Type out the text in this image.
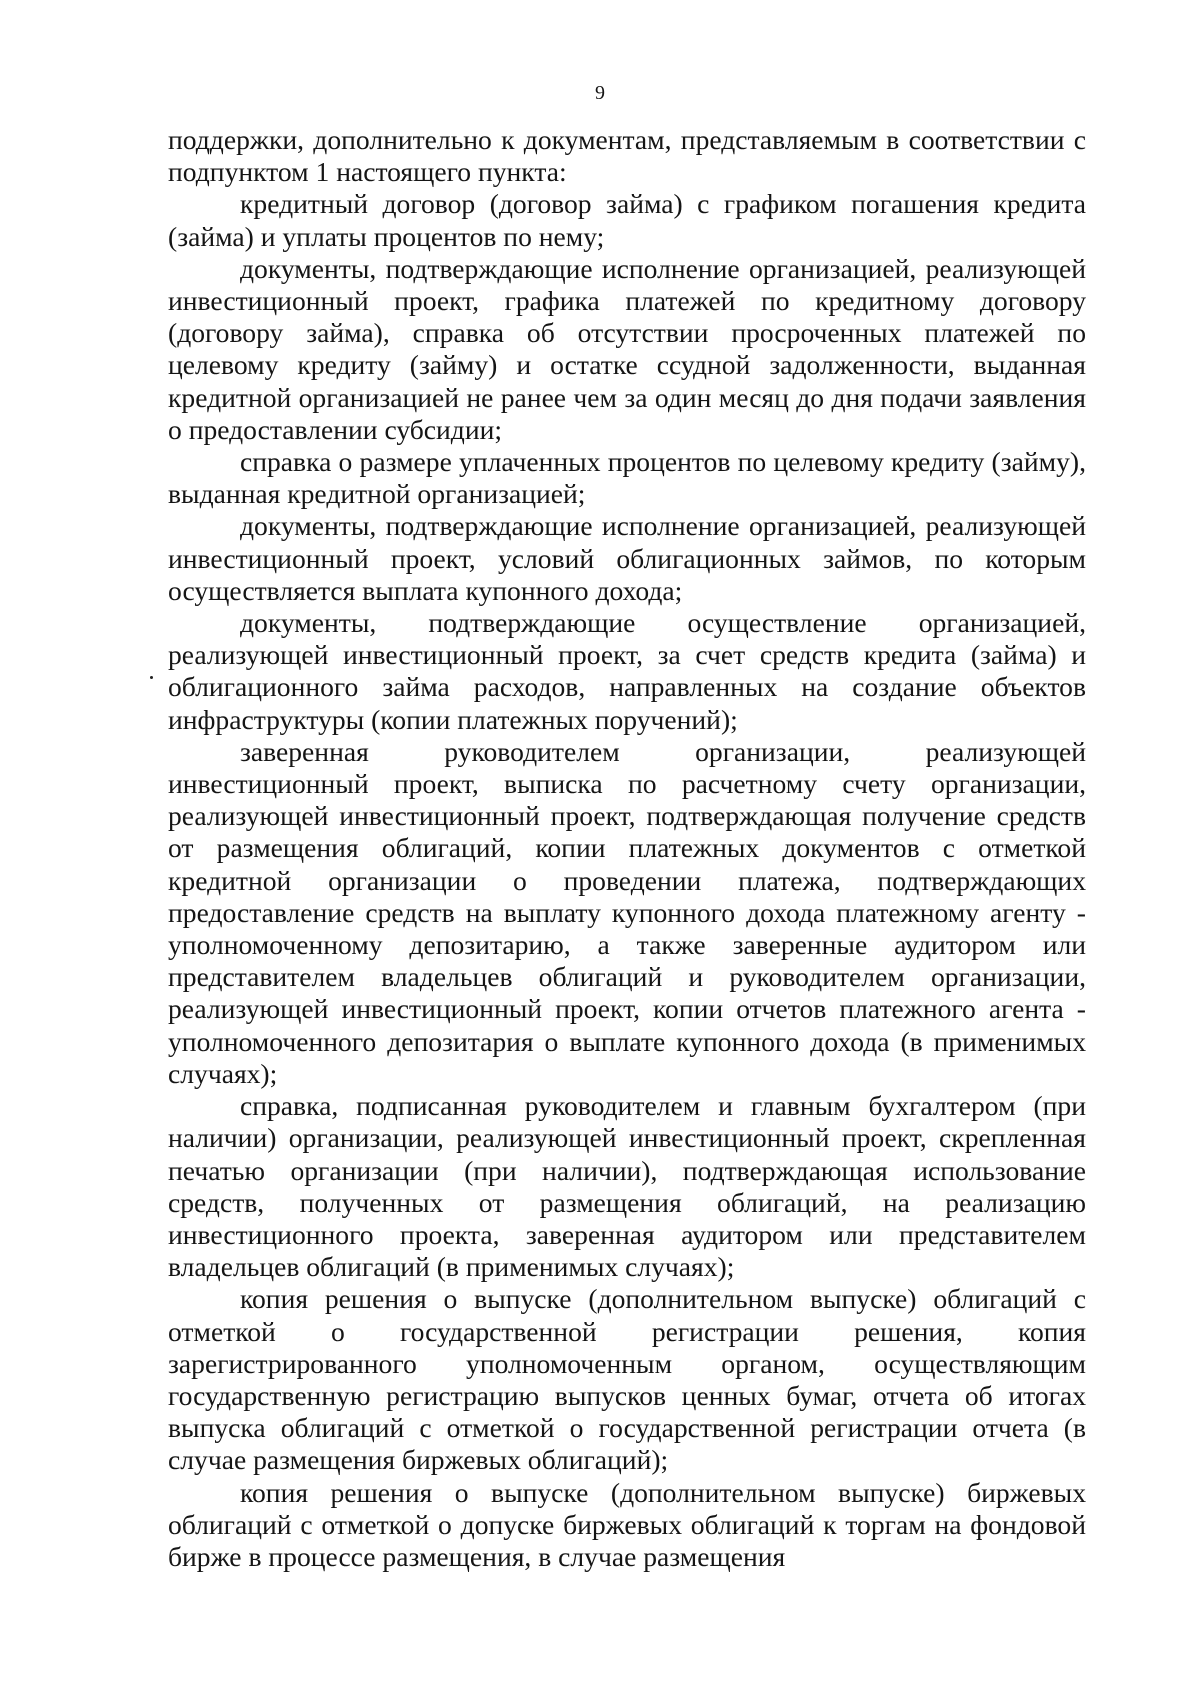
9

поддержки, дополнительно к документам, представляемым в соответствии с подпунктом 1 настоящего пункта:

кредитный договор (договор займа) с графиком погашения кредита (займа) и уплаты процентов по нему;

документы, подтверждающие исполнение организацией, реализующей инвестиционный проект, графика платежей по кредитному договору (договору займа), справка об отсутствии просроченных платежей по целевому кредиту (займу) и остатке ссудной задолженности, выданная кредитной организацией не ранее чем за один месяц до дня подачи заявления о предоставлении субсидии;

справка о размере уплаченных процентов по целевому кредиту (займу), выданная кредитной организацией;

документы, подтверждающие исполнение организацией, реализующей инвестиционный проект, условий облигационных займов, по которым осуществляется выплата купонного дохода;

документы, подтверждающие осуществление организацией, реализующей инвестиционный проект, за счет средств кредита (займа) и облигационного займа расходов, направленных на создание объектов инфраструктуры (копии платежных поручений);

заверенная руководителем организации, реализующей инвестиционный проект, выписка по расчетному счету организации, реализующей инвестиционный проект, подтверждающая получение средств от размещения облигаций, копии платежных документов с отметкой кредитной организации о проведении платежа, подтверждающих предоставление средств на выплату купонного дохода платежному агенту - уполномоченному депозитарию, а также заверенные аудитором или представителем владельцев облигаций и руководителем организации, реализующей инвестиционный проект, копии отчетов платежного агента - уполномоченного депозитария о выплате купонного дохода (в применимых случаях);

справка, подписанная руководителем и главным бухгалтером (при наличии) организации, реализующей инвестиционный проект, скрепленная печатью организации (при наличии), подтверждающая использование средств, полученных от размещения облигаций, на реализацию инвестиционного проекта, заверенная аудитором или представителем владельцев облигаций (в применимых случаях);

копия решения о выпуске (дополнительном выпуске) облигаций с отметкой о государственной регистрации решения, копия зарегистрированного уполномоченным органом, осуществляющим государственную регистрацию выпусков ценных бумаг, отчета об итогах выпуска облигаций с отметкой о государственной регистрации отчета (в случае размещения биржевых облигаций);

копия решения о выпуске (дополнительном выпуске) биржевых облигаций с отметкой о допуске биржевых облигаций к торгам на фондовой бирже в процессе размещения, в случае размещения
